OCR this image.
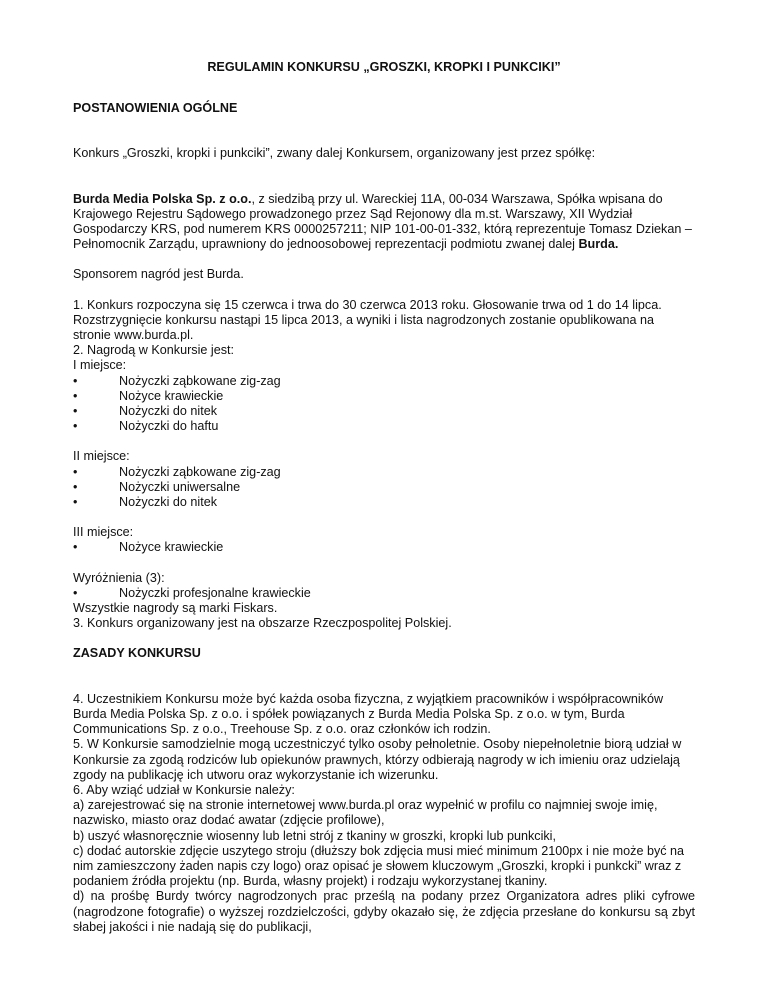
REGULAMIN KONKURSU „GROSZKI, KROPKI I PUNKCIKI”

POSTANOWIENIA OGÓLNE

Konkurs „Groszki, kropki i punkciki”, zwany dalej Konkursem, organizowany jest przez spółkę:

Burda Media Polska Sp. z o.o., z siedzibą przy ul. Wareckiej 11A, 00-034 Warszawa, Spółka wpisana do Krajowego Rejestru Sądowego prowadzonego przez Sąd Rejonowy dla m.st. Warszawy, XII Wydział Gospodarczy KRS, pod numerem KRS 0000257211; NIP 101-00-01-332, którą reprezentuje Tomasz Dziekan – Pełnomocnik Zarządu, uprawniony do jednoosobowej reprezentacji podmiotu zwanej dalej Burda.

Sponsorem nagród jest Burda.

1. Konkurs rozpoczyna się 15 czerwca i trwa do 30 czerwca 2013 roku. Głosowanie trwa od 1 do 14 lipca. Rozstrzygnięcie konkursu nastąpi 15 lipca 2013, a wyniki i lista nagrodzonych zostanie opublikowana na stronie www.burda.pl.

2. Nagrodą w Konkursie jest:

I miejsce:

•	Nożyczki ząbkowane zig-zag
•	Nożyce krawieckie
•	Nożyczki do nitek
•	Nożyczki do haftu

II miejsce:

•	Nożyczki ząbkowane zig-zag
•	Nożyczki uniwersalne
•	Nożyczki do nitek

III miejsce:

•	Nożyce krawieckie

Wyróżnienia (3):

•	Nożyczki profesjonalne krawieckie

Wszystkie nagrody są marki Fiskars.

3. Konkurs organizowany jest na obszarze Rzeczpospolitej Polskiej.

ZASADY KONKURSU

4. Uczestnikiem Konkursu może być każda osoba fizyczna, z wyjątkiem pracowników i współpracowników Burda Media Polska Sp. z o.o. i spółek powiązanych z Burda Media Polska Sp. z o.o. w tym, Burda Communications Sp. z o.o., Treehouse Sp. z o.o. oraz członków ich rodzin.

5. W Konkursie samodzielnie mogą uczestniczyć tylko osoby pełnoletnie. Osoby niepełnoletnie biorą udział w Konkursie za zgodą rodziców lub opiekunów prawnych, którzy odbierają nagrody w ich imieniu oraz udzielają zgody na publikację ich utworu oraz wykorzystanie ich wizerunku.

6. Aby wziąć udział w Konkursie należy:

a) zarejestrować się na stronie internetowej www.burda.pl oraz wypełnić w profilu co najmniej swoje imię, nazwisko, miasto oraz dodać awatar (zdjęcie profilowe),

b) uszyć własnoręcznie wiosenny lub letni strój z tkaniny w groszki, kropki lub punkciki,

c) dodać autorskie zdjęcie uszytego stroju (dłuższy bok zdjęcia musi mieć minimum 2100px i nie może być na nim zamieszczony żaden napis czy logo) oraz opisać je słowem kluczowym „Groszki, kropki i punkcki” wraz z podaniem źródła projektu (np. Burda, własny projekt) i rodzaju wykorzystanej tkaniny.

d) na prośbę Burdy twórcy nagrodzonych prac prześlą na podany przez Organizatora adres pliki cyfrowe (nagrodzone fotografie) o wyższej rozdzielczości, gdyby okazało się, że zdjęcia przesłane do konkursu są zbyt słabej jakości i nie nadają się do publikacji,
